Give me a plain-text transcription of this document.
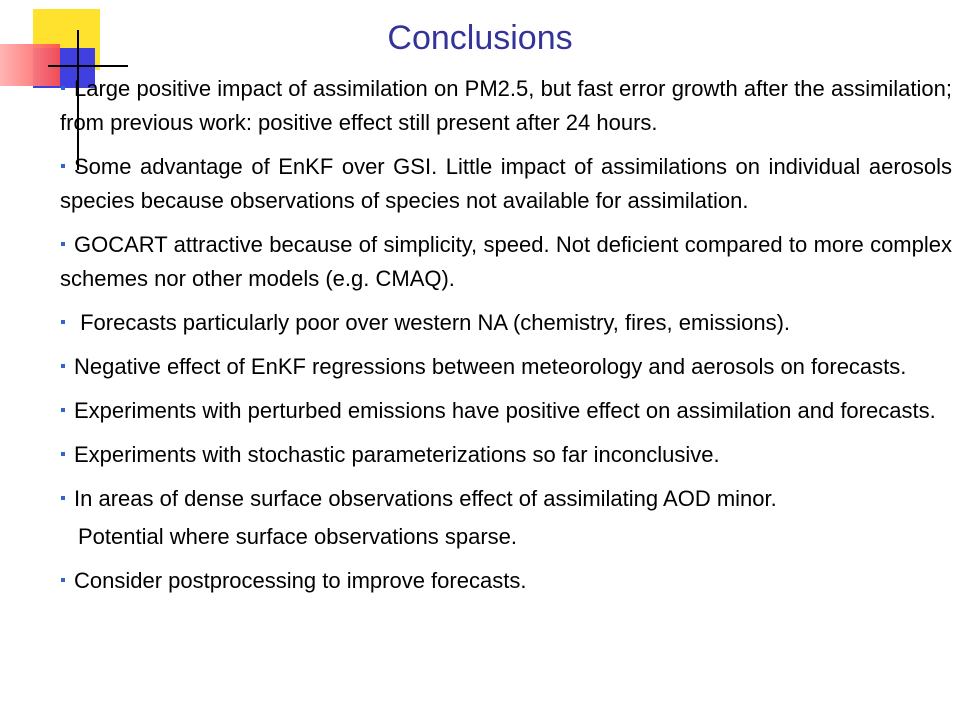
Conclusions
Large positive impact of assimilation on PM2.5, but fast error growth after the assimilation; from previous work: positive effect still present after 24 hours.
Some advantage of EnKF over GSI. Little impact of assimilations on individual aerosols species because observations of species not available for assimilation.
GOCART attractive because of simplicity, speed. Not deficient compared to more complex schemes nor other models (e.g. CMAQ).
Forecasts particularly poor over western NA (chemistry, fires, emissions).
Negative effect of EnKF regressions between meteorology and aerosols on forecasts.
Experiments with perturbed emissions have positive effect on assimilation and forecasts.
Experiments with stochastic parameterizations so far inconclusive.
In areas of dense surface observations effect of assimilating AOD minor.
Potential where surface observations sparse.
Consider postprocessing to improve forecasts.
